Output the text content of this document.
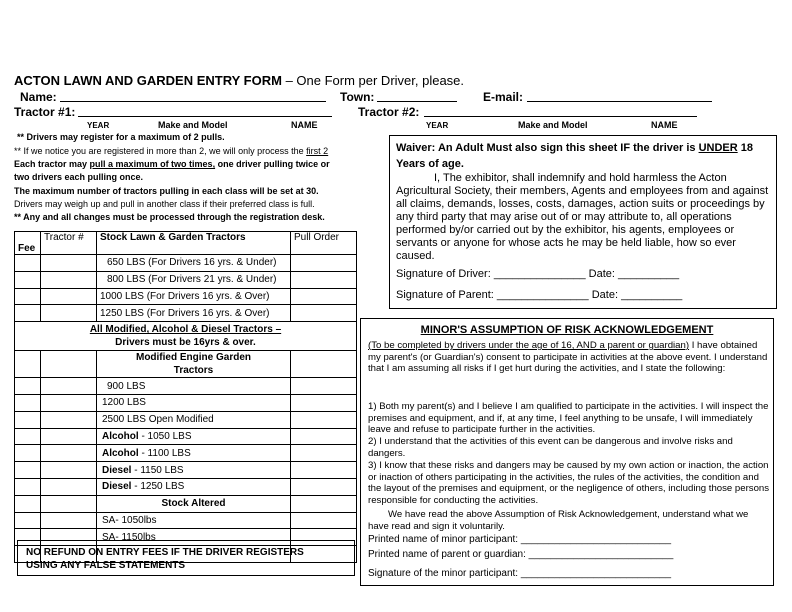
ACTON LAWN AND GARDEN ENTRY FORM – One Form per Driver, please.
Name:	Town:	E-mail:
Tractor #1:	Tractor #2:
YEAR	Make and Model	NAME	YEAR	Make and Model	NAME
** Drivers may register for a maximum of 2 pulls.
** If we notice you are registered in more than 2, we will only process the first 2
Each tractor may pull a maximum of two times, one driver pulling twice or
two drivers each pulling once.
The maximum number of tractors pulling in each class will be set at 30.
Drivers may weigh up and pull in another class if their preferred class is full.
** Any and all changes must be processed through the registration desk.
Fee	Tractor #	Stock Lawn & Garden Tractors	Pull Order
		650 LBS (For Drivers 16 yrs. & Under)	
		800 LBS (For Drivers 21 yrs. & Under)	
		1000 LBS (For Drivers 16 yrs. & Over)	
		1250 LBS (For Drivers 16 yrs. & Over)	
All Modified, Alcohol & Diesel Tractors –
Drivers must be 16yrs & over.			
		Modified Engine Garden
Tractors	
		900 LBS	
		1200 LBS	
		2500 LBS Open Modified	
		Alcohol - 1050 LBS	
		Alcohol - 1100 LBS	
		Diesel - 1150 LBS	
		Diesel - 1250 LBS	
		Stock Altered	
		SA- 1050lbs	
		SA- 1150lbs	

NO REFUND ON ENTRY FEES IF THE DRIVER REGISTERS
USING ANY FALSE STATEMENTS
Waiver: An Adult Must also sign this sheet IF the driver is UNDER 18 Years of age.
I, The exhibitor, shall indemnify and hold harmless the Acton Agricultural Society, their members, Agents and employees from and against all claims, demands, losses, costs, damages, action suits or proceedings by any third party that may arise out of or may attribute to, all operations performed by/or carried out by the exhibitor, his agents, employees or servants or anyone for whose acts he may be held liable, how so ever caused.
Signature of Driver: _______________ Date: __________
Signature of Parent: _______________ Date: __________
MINOR'S ASSUMPTION OF RISK ACKNOWLEDGEMENT
(To be completed by drivers under the age of 16, AND a parent or guardian) I have obtained my parent's (or Guardian's) consent to participate in activities at the above event. I understand that I am assuming all risks if I get hurt during the activities, and I state the following:
1) Both my parent(s) and I believe I am qualified to participate in the activities. I will inspect the premises and equipment, and if, at any time, I feel anything to be unsafe, I will immediately leave and refuse to participate further in the activities.
2) I understand that the activities of this event can be dangerous and involve risks and dangers.
3) I know that these risks and dangers may be caused by my own action or inaction, the action or inaction of others participating in the activities, the rules of the activities, the condition and the layout of the premises and equipment, or the negligence of others, including those persons responsible for conducting the activities.
We have read the above Assumption of Risk Acknowledgement, understand what we have read and sign it voluntarily.
Printed name of minor participant: ___________________________
Printed name of parent or guardian: __________________________
Signature of the minor participant: ___________________________
